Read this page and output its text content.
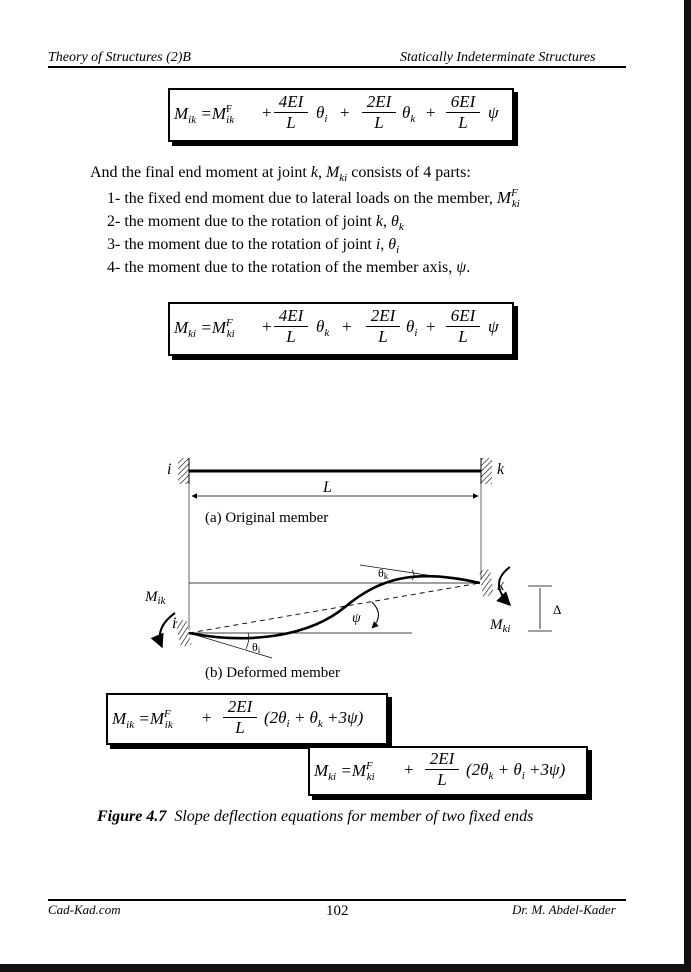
Theory of Structures (2)B	Statically Indeterminate Structures
$M_{ik} =M^F_{ik} + \frac{4EI}{L} \theta_i + \frac{2EI}{L} \theta_k + \frac{6EI}{L}$ ψ
And the final end moment at joint k, $M_{ki}$ consists of 4 parts:
1- the fixed end moment due to lateral loads on the member, $M^F_{ki}$
2- the moment due to the rotation of joint k, $\theta_k$
3- the moment due to the rotation of joint i, $\theta_i$
4- the moment due to the rotation of the member axis, ψ.
$M_{ki} =M^F_{ki} + \frac{4EI}{L} \theta_k + \frac{2EI}{L} \theta_i + \frac{6EI}{L}$ ψ
i	k
L
(a) Original member
θk
θi
ψ
$M_{ik}$
i	$M_{ki}$
k
Δ
(b) Deformed member
$M_{ik} =M^F_{ik} + \frac{2EI}{L} (2\theta_i + \theta_k +3\psi)$
$M_{ki} =M^F_{ki} + \frac{2EI}{L} (2\theta_k + \theta_i +3\psi)$
Figure 4.7  Slope deflection equations for member of two fixed ends
Cad-Kad.com	102	Dr. M. Abdel-Kader
